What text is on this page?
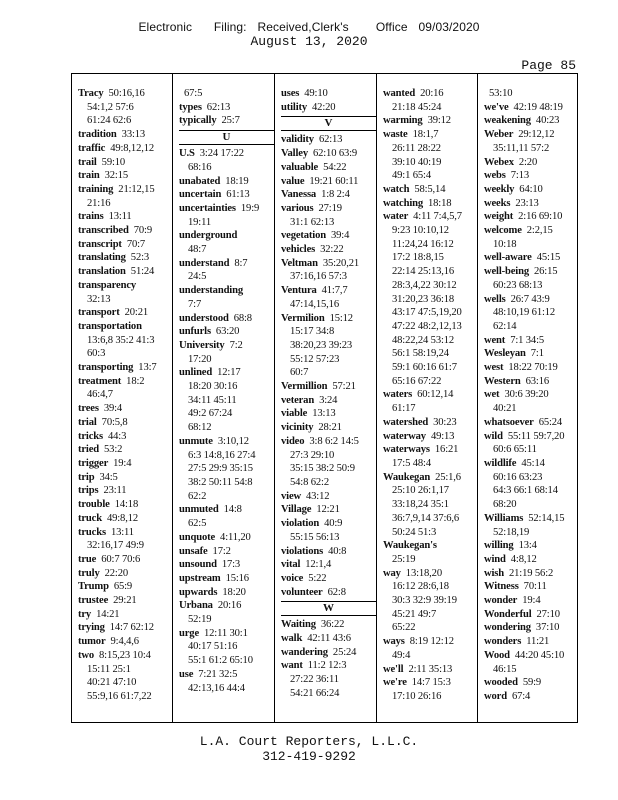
Electronic    Filing:  Received,Clerk's     Office  09/03/2020
August 13, 2020
Page 85
Tracy 50:16,16
54:1,2 57:6
61:24 62:6
tradition 33:13
traffic 49:8,12,12
trail 59:10
train 32:15
training 21:12,15
21:16
trains 13:11
transcribed 70:9
transcript 70:7
translating 52:3
translation 51:24
transparency
32:13
transport 20:21
transportation
13:6,8 35:2 41:3
60:3
transporting 13:7
treatment 18:2
46:4,7
trees 39:4
trial 70:5,8
tricks 44:3
tried 53:2
trigger 19:4
trip 34:5
trips 23:11
trouble 14:18
truck 49:8,12
trucks 13:11
32:16,17 49:9
true 60:7 70:6
truly 22:20
Trump 65:9
trustee 29:21
try 14:21
trying 14:7 62:12
tumor 9:4,4,6
two 8:15,23 10:4
15:11 25:1
40:21 47:10
55:9,16 61:7,22
67:5
types 62:13
typically 25:7
U
U.S 3:24 17:22
68:16
unabated 18:19
uncertain 61:13
uncertainties 19:9
19:11
underground
48:7
understand 8:7
24:5
understanding
7:7
understood 68:8
unfurls 63:20
University 7:2
17:20
unlined 12:17
18:20 30:16
34:11 45:11
49:2 67:24
68:12
unmute 3:10,12
6:3 14:8,16 27:4
27:5 29:9 35:15
38:2 50:11 54:8
62:2
unmuted 14:8
62:5
unquote 4:11,20
unsafe 17:2
unsound 17:3
upstream 15:16
upwards 18:20
Urbana 20:16
52:19
urge 12:11 30:1
40:17 51:16
55:1 61:2 65:10
use 7:21 32:5
42:13,16 44:4
uses 49:10
utility 42:20
V
validity 62:13
Valley 62:10 63:9
valuable 54:22
value 19:21 60:11
Vanessa 1:8 2:4
various 27:19
31:1 62:13
vegetation 39:4
vehicles 32:22
Veltman 35:20,21
37:16,16 57:3
Ventura 41:7,7
47:14,15,16
Vermilion 15:12
15:17 34:8
38:20,23 39:23
55:12 57:23
60:7
Vermillion 57:21
veteran 3:24
viable 13:13
vicinity 28:21
video 3:8 6:2 14:5
27:3 29:10
35:15 38:2 50:9
54:8 62:2
view 43:12
Village 12:21
violation 40:9
55:15 56:13
violations 40:8
vital 12:1,4
voice 5:22
volunteer 62:8
W
Waiting 36:22
walk 42:11 43:6
wandering 25:24
want 11:2 12:3
27:22 36:11
54:21 66:24
wanted 20:16
21:18 45:24
warming 39:12
waste 18:1,7
26:11 28:22
39:10 40:19
49:1 65:4
watch 58:5,14
watching 18:18
water 4:11 7:4,5,7
9:23 10:10,12
11:24,24 16:12
17:2 18:8,15
22:14 25:13,16
28:3,4,22 30:12
31:20,23 36:18
43:17 47:5,19,20
47:22 48:2,12,13
48:22,24 53:12
56:1 58:19,24
59:1 60:16 61:7
65:16 67:22
waters 60:12,14
61:17
watershed 30:23
waterway 49:13
waterways 16:21
17:5 48:4
Waukegan 25:1,6
25:10 26:1,17
33:18,24 35:1
36:7,9,14 37:6,6
50:24 51:3
Waukegan's
25:19
way 13:18,20
16:12 28:6,18
30:3 32:9 39:19
45:21 49:7
65:22
ways 8:19 12:12
49:4
we'll 2:11 35:13
we're 14:7 15:3
17:10 26:16
53:10
we've 42:19 48:19
weakening 40:23
Weber 29:12,12
35:11,11 57:2
Webex 2:20
webs 7:13
weekly 64:10
weeks 23:13
weight 2:16 69:10
welcome 2:2,15
10:18
well-aware 45:15
well-being 26:15
60:23 68:13
wells 26:7 43:9
48:10,19 61:12
62:14
went 7:1 34:5
Wesleyan 7:1
west 18:22 70:19
Western 63:16
wet 30:6 39:20
40:21
whatsoever 65:24
wild 55:11 59:7,20
60:6 65:11
wildlife 45:14
60:16 63:23
64:3 66:1 68:14
68:20
Williams 52:14,15
52:18,19
willing 13:4
wind 4:8,12
wish 21:19 56:2
Witness 70:11
wonder 19:4
Wonderful 27:10
wondering 37:10
wonders 11:21
Wood 44:20 45:10
46:15
wooded 59:9
word 67:4
L.A. Court Reporters, L.L.C.
312-419-9292
